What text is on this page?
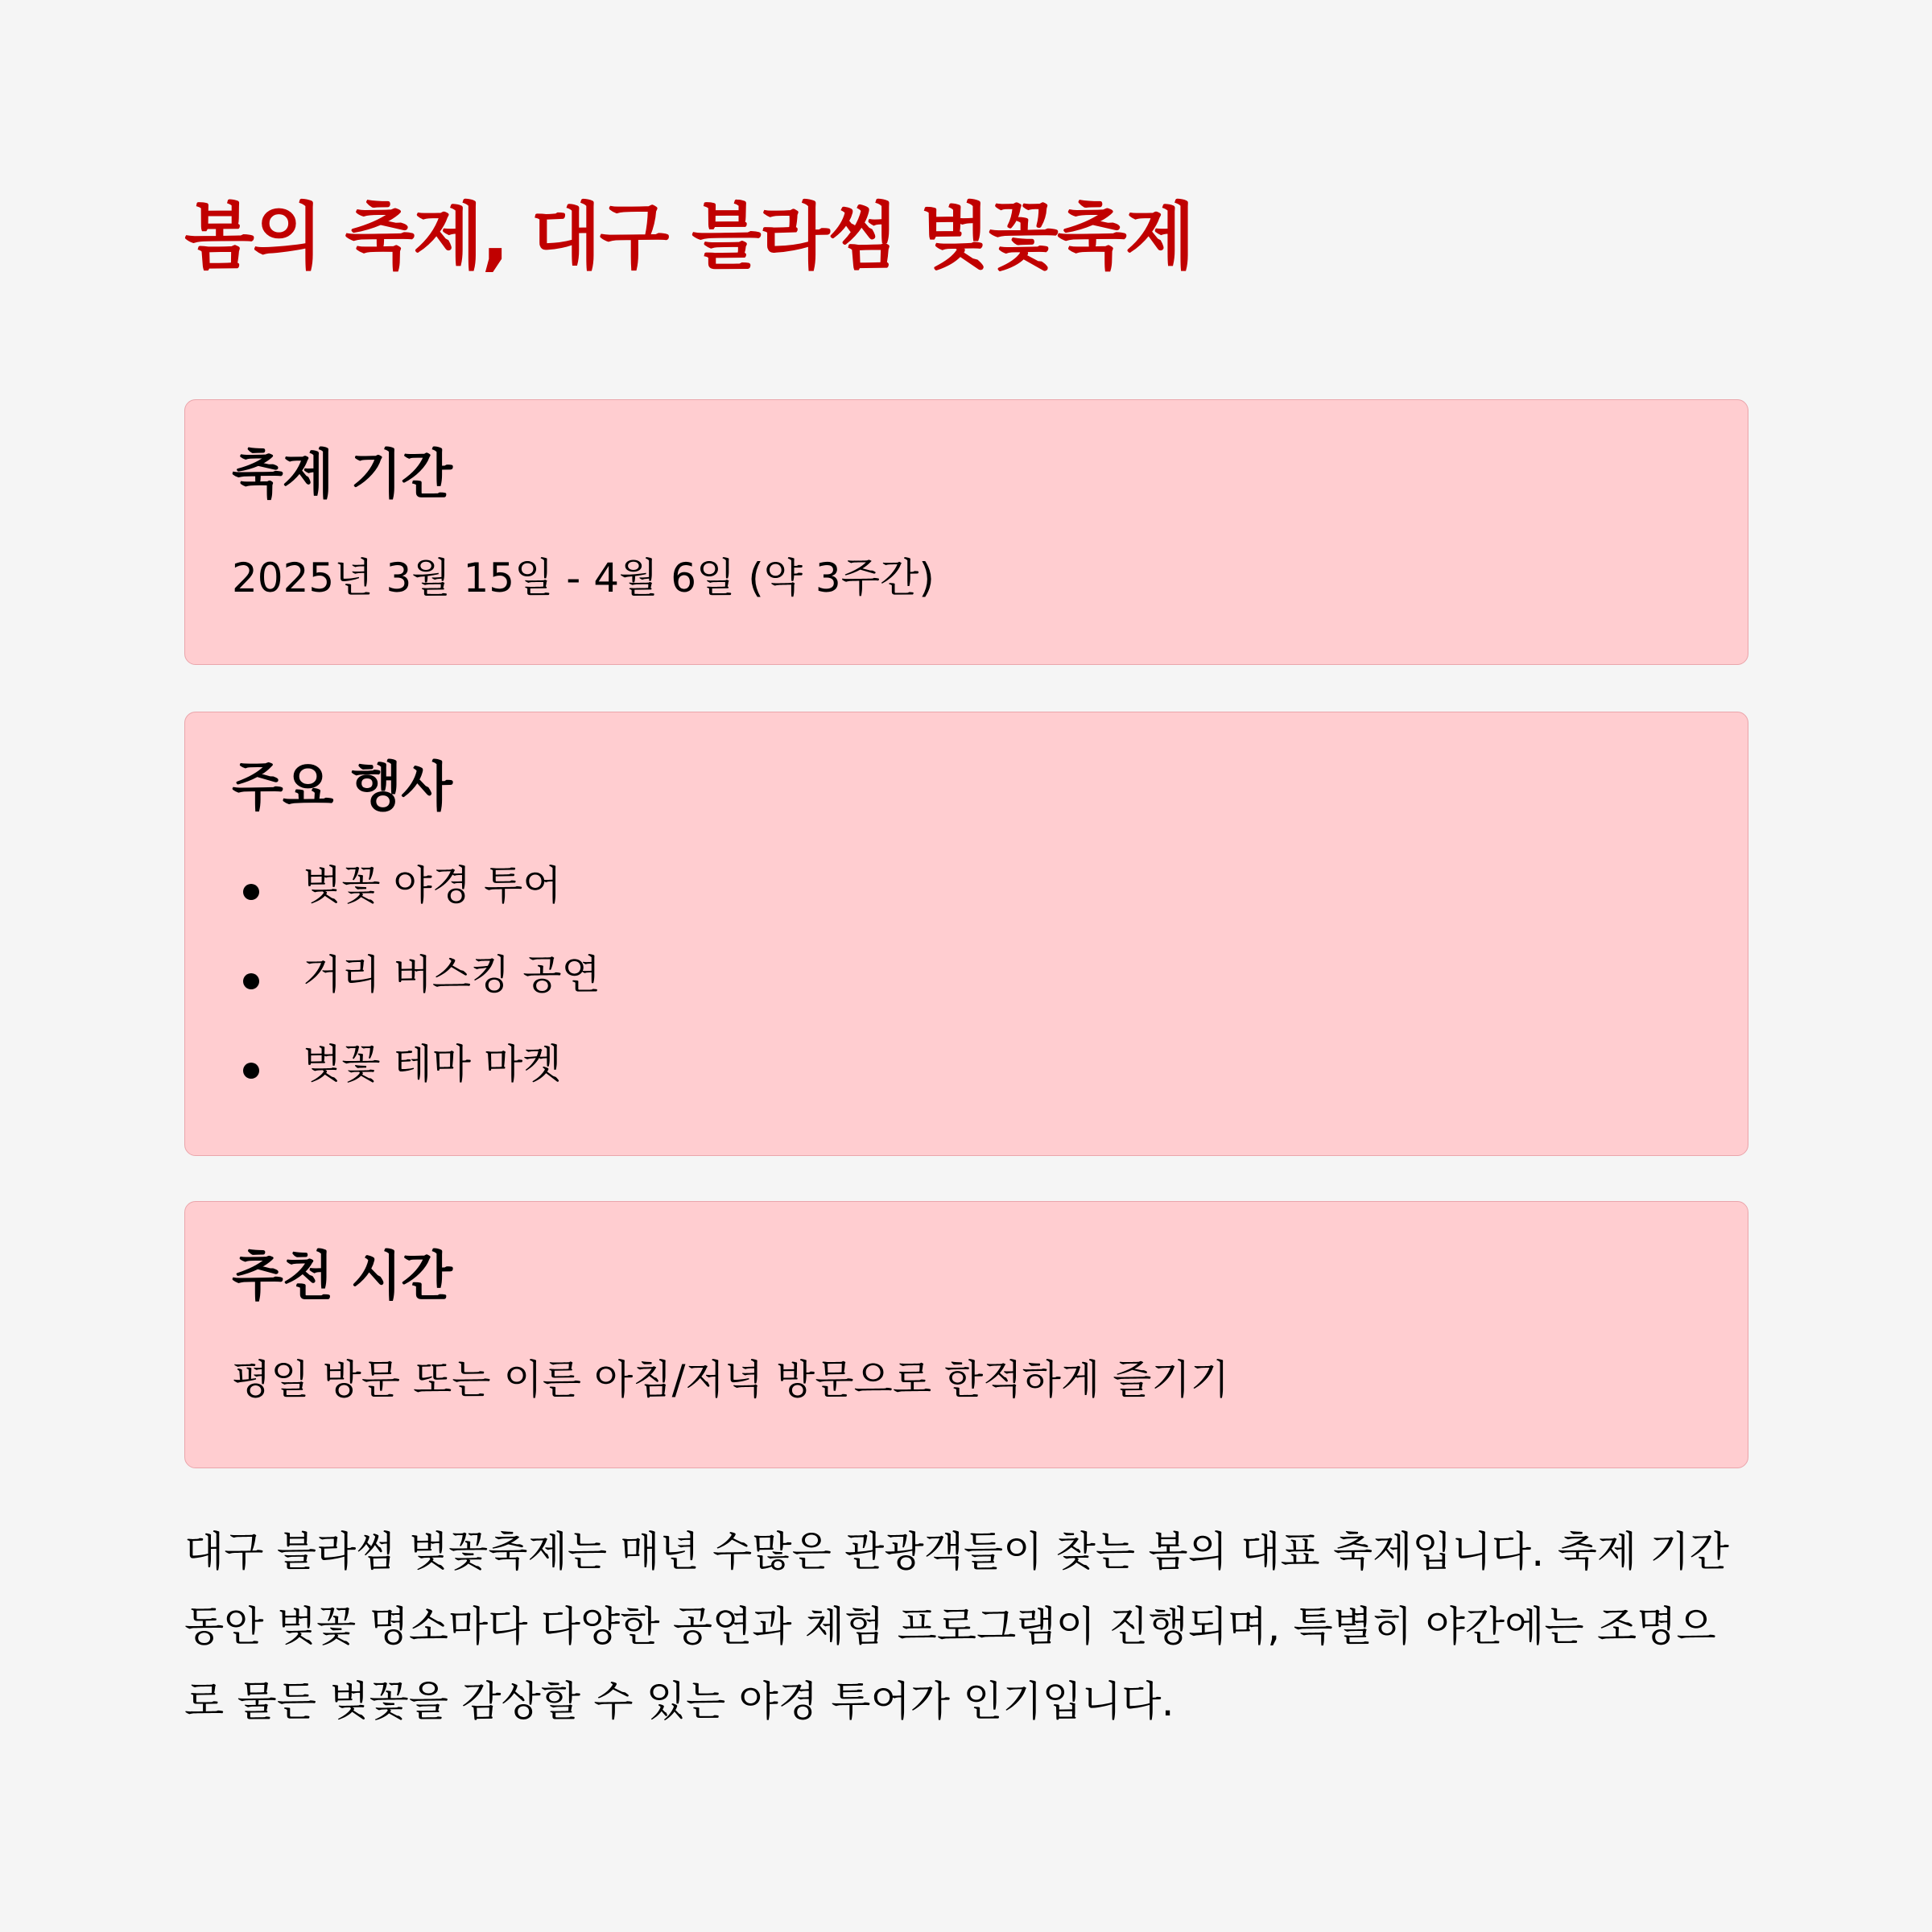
봄의 축제, 대구 블라썸 벚꽃축제
축제 기간

2025년 3월 15일 - 4월 6일 (약 3주간)

주요 행사
벚꽃 야경 투어
거리 버스킹 공연
벚꽃 테마 마켓
추천 시간

평일 방문 또는 이른 아침/저녁 방문으로 한적하게 즐기기

대구 블라썸 벚꽃축제는 매년 수많은 관광객들이 찾는 봄의 대표 축제입니다. 축제 기간 동안 벚꽃 명소마다 다양한 공연과 체험 프로그램이 진행되며, 특별히 야간에는 조명으로 물든 벚꽃을 감상할 수 있는 야경 투어가 인기입니다.
